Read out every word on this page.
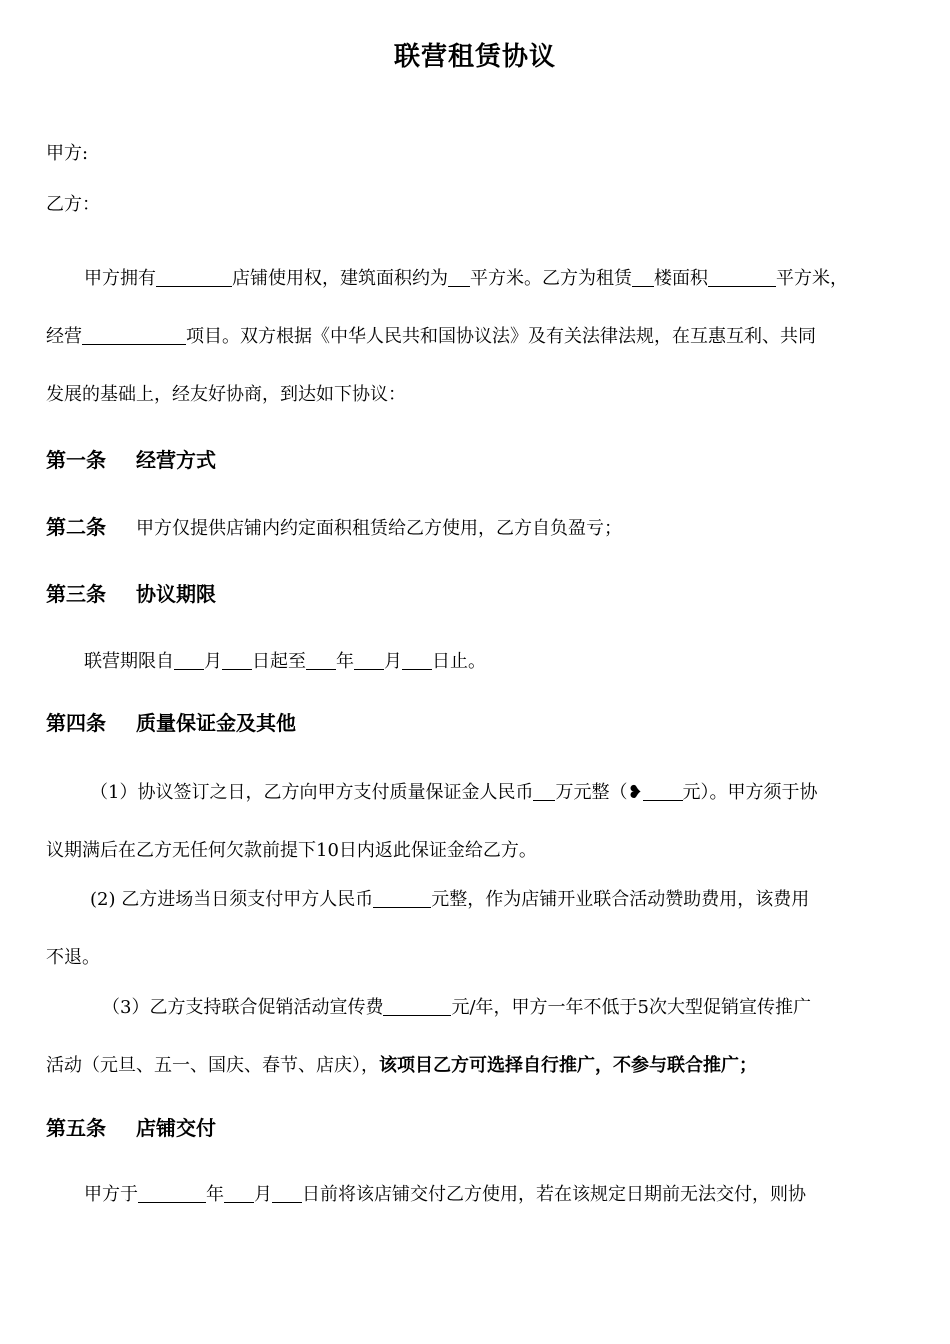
联营租赁协议
甲方:
乙方：
甲方拥有	店铺使用权，建筑面积约为 平方米。乙方为租赁 楼面积	平方米，
经营	项目。双方根据《中华人民共和国协议法》及有关法律法规，在互惠互利、共同
发展的基础上，经友好协商，到达如下协议：
第一条 经营方式
第二条 甲方仅提供店铺内约定面积租赁给乙方使用，乙方自负盈亏；
第三条 协议期限
联营期限自 月 日起至 年 月 日止。
第四条 质量保证金及其他
（1）协议签订之日，乙方向甲方支付质量保证金人民币 万元整（❥ 元）。甲方须于协
议期满后在乙方无任何欠款前提下10日内返此保证金给乙方。
(2) 乙方进场当日须支付甲方人民币	元整，作为店铺开业联合活动赞助费用，该费用
不退。
（3）乙方支持联合促销活动宣传费	元/年，甲方一年不低于5次大型促销宣传推广
活动（元旦、五一、国庆、春节、店庆），该项目乙方可选择自行推广，不参与联合推广；
第五条 店铺交付
甲方于	年 月 日前将该店铺交付乙方使用，若在该规定日期前无法交付，则协
